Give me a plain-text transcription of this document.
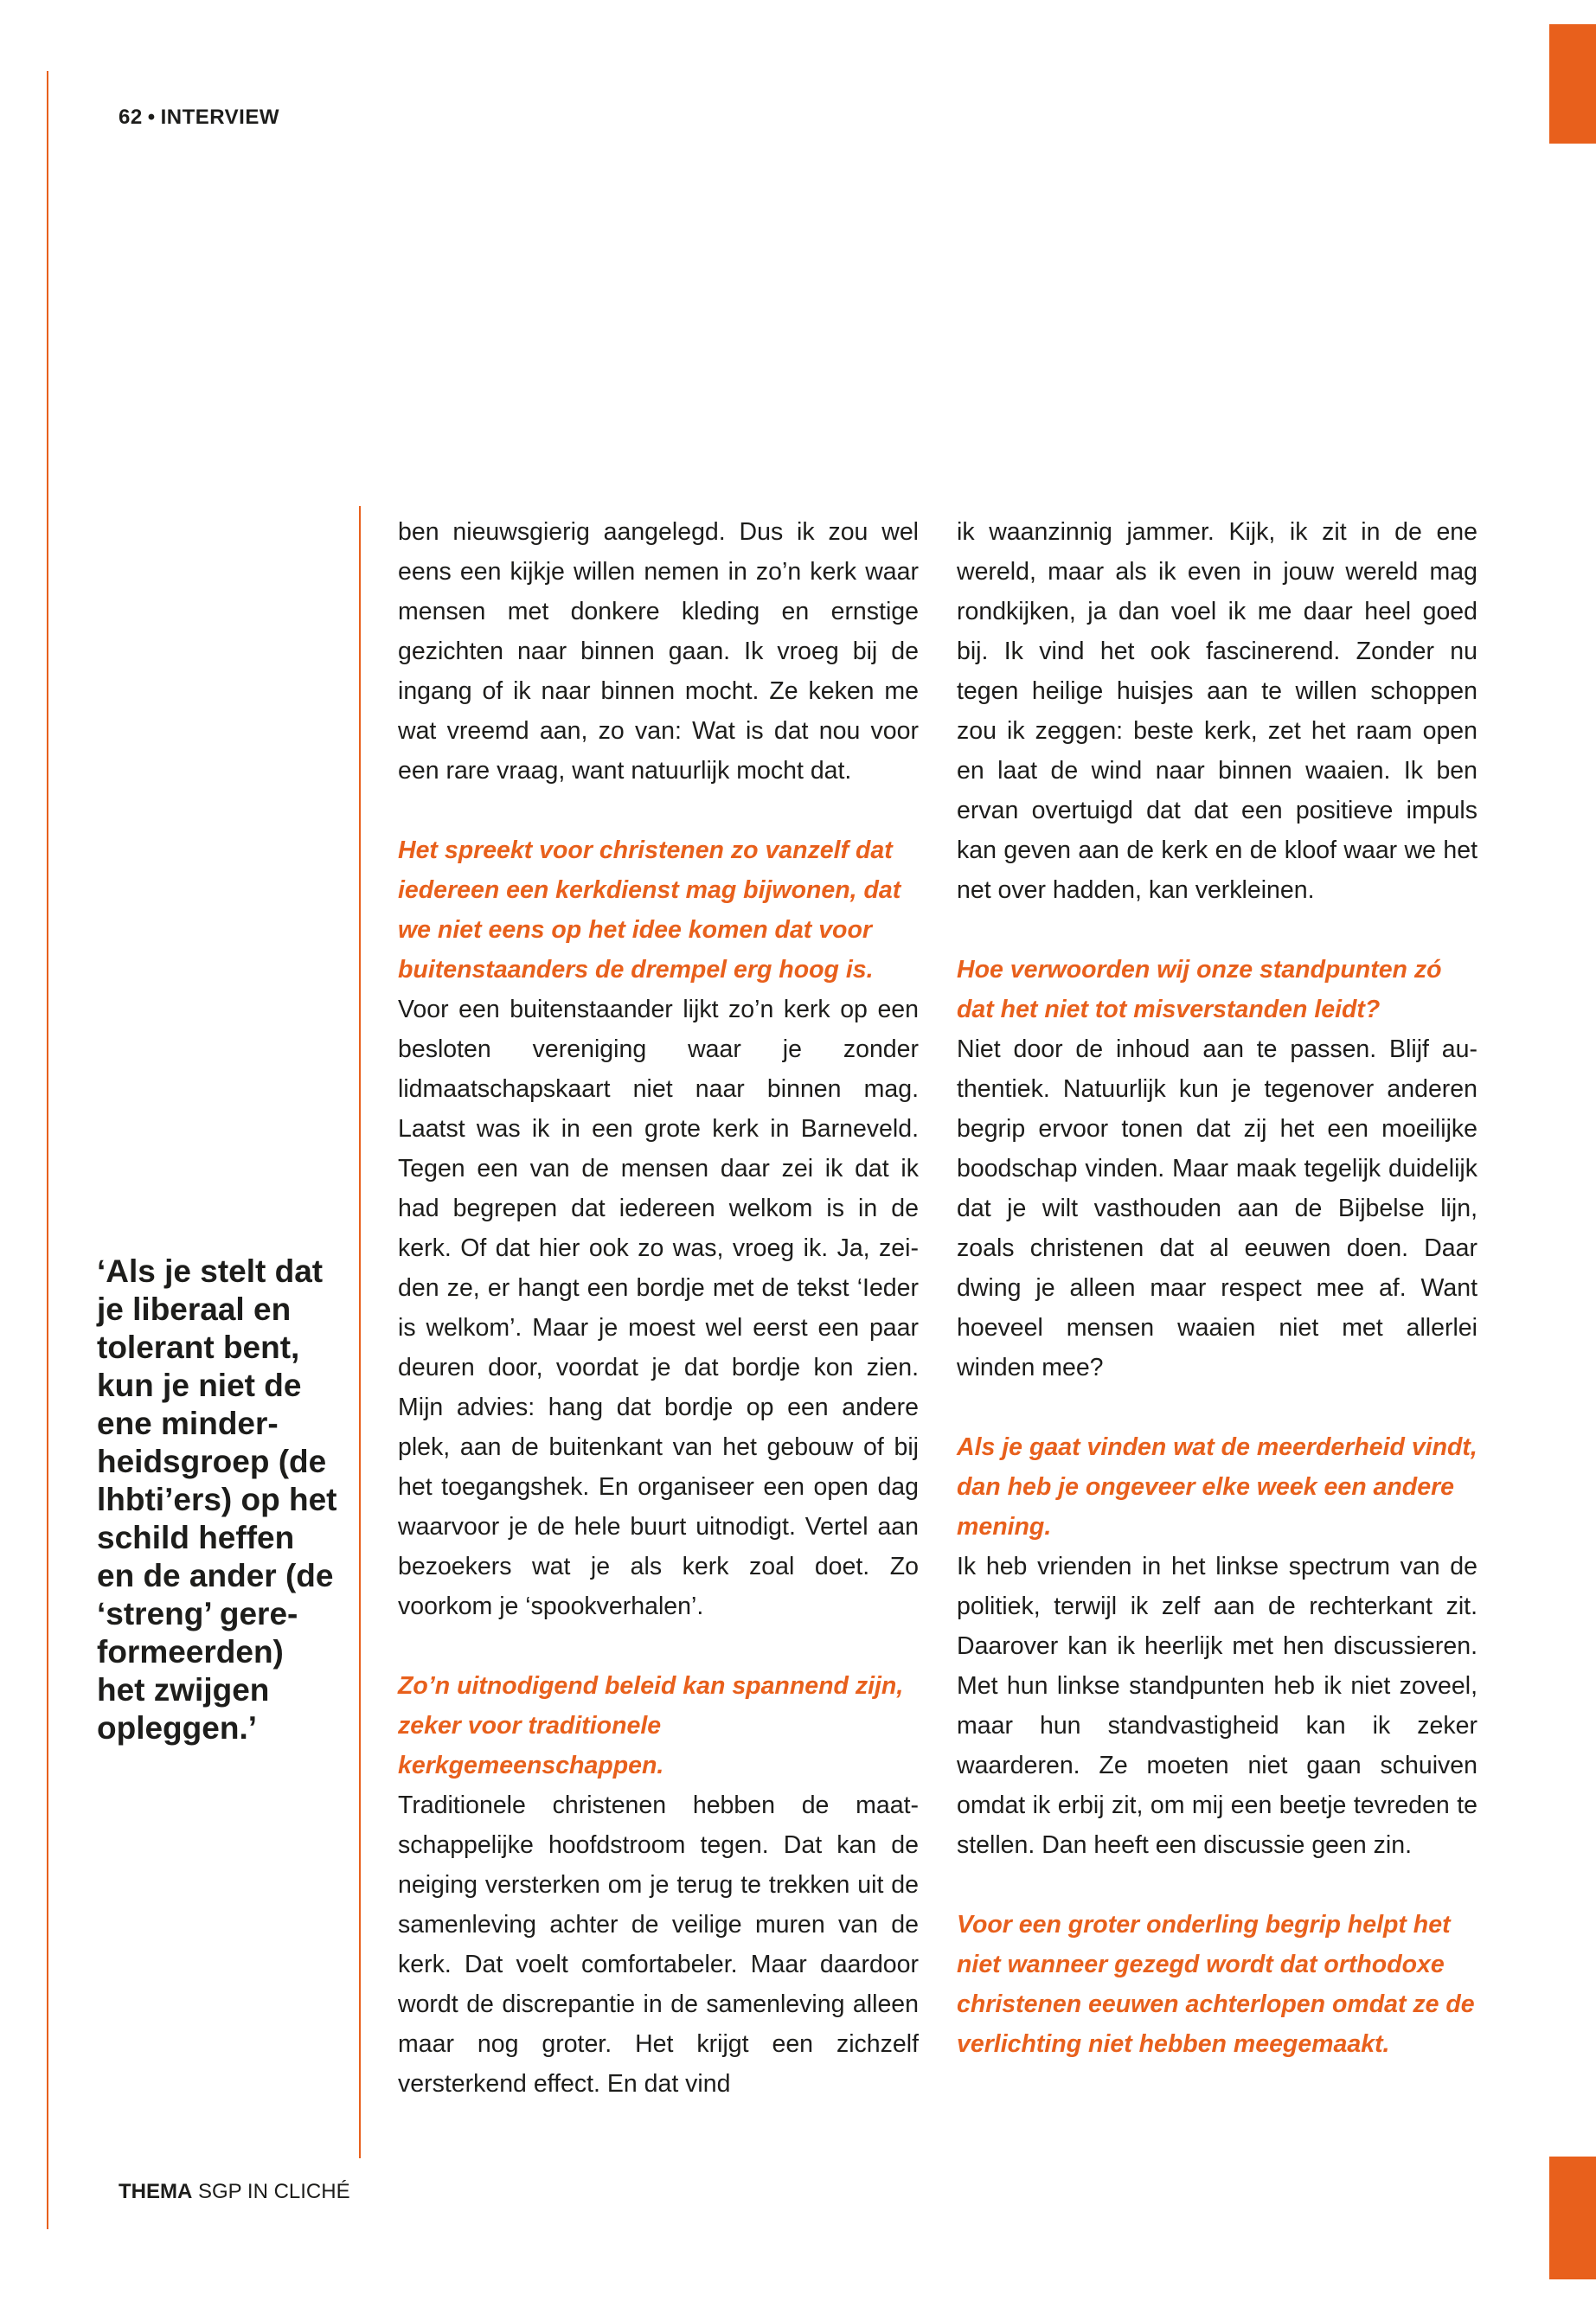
62 • INTERVIEW
‘Als je stelt dat
je liberaal en
tolerant bent,
kun je niet de
ene minder-
heidsgroep (de
lhbti’ers) op het
schild heffen
en de ander (de
‘streng’ gere-
formeerden)
het zwijgen
opleggen.’

ben nieuwsgierig aangelegd. Dus ik zou wel eens een kijkje willen nemen in zo’n kerk waar mensen met donkere kleding en ernstige gezichten naar binnen gaan. Ik vroeg bij de ingang of ik naar binnen mocht. Ze keken me wat vreemd aan, zo van: Wat is dat nou voor een rare vraag, want natuurlijk mocht dat.

Het spreekt voor christenen zo vanzelf dat iedereen een kerkdienst mag bijwonen, dat we niet eens op het idee komen dat voor buitenstaanders de drempel erg hoog is.

Voor een buitenstaander lijkt zo’n kerk op een besloten vereniging waar je zonder lidmaatschapskaart niet naar binnen mag. Laatst was ik in een grote kerk in Barneveld. Tegen een van de mensen daar zei ik dat ik had begrepen dat iedereen welkom is in de kerk. Of dat hier ook zo was, vroeg ik. Ja, zeiden ze, er hangt een bordje met de tekst ‘Ieder is welkom’. Maar je moest wel eerst een paar deuren door, voordat je dat bordje kon zien. Mijn advies: hang dat bordje op een andere plek, aan de buitenkant van het gebouw of bij het toegangshek. En organiseer een open dag waarvoor je de hele buurt uitnodigt. Vertel aan bezoekers wat je als kerk zoal doet. Zo voorkom je ‘spookverhalen’.

Zo’n uitnodigend beleid kan spannend zijn, zeker voor traditionele kerkgemeenschappen.

Traditionele christenen hebben de maatschappelijke hoofdstroom tegen. Dat kan de neiging versterken om je terug te trekken uit de samenleving achter de veilige muren van de kerk. Dat voelt comfortabeler. Maar daardoor wordt de discrepantie in de samenleving alleen maar nog groter. Het krijgt een zichzelf versterkend effect. En dat vind

ik waanzinnig jammer. Kijk, ik zit in de ene wereld, maar als ik even in jouw wereld mag rondkijken, ja dan voel ik me daar heel goed bij. Ik vind het ook fascinerend. Zonder nu tegen heilige huisjes aan te willen schoppen zou ik zeggen: beste kerk, zet het raam open en laat de wind naar binnen waaien. Ik ben ervan overtuigd dat dat een positieve impuls kan geven aan de kerk en de kloof waar we het net over hadden, kan verkleinen.

Hoe verwoorden wij onze standpunten zó dat het niet tot misverstanden leidt?

Niet door de inhoud aan te passen. Blijf authentiek. Natuurlijk kun je tegenover anderen begrip ervoor tonen dat zij het een moeilijke boodschap vinden. Maar maak tegelijk duidelijk dat je wilt vasthouden aan de Bijbelse lijn, zoals christenen dat al eeuwen doen. Daar dwing je alleen maar respect mee af. Want hoeveel mensen waaien niet met allerlei winden mee?

Als je gaat vinden wat de meerderheid vindt, dan heb je ongeveer elke week een andere mening.

Ik heb vrienden in het linkse spectrum van de politiek, terwijl ik zelf aan de rechterkant zit. Daarover kan ik heerlijk met hen discussieren. Met hun linkse standpunten heb ik niet zoveel, maar hun standvastigheid kan ik zeker waarderen. Ze moeten niet gaan schuiven omdat ik erbij zit, om mij een beetje tevreden te stellen. Dan heeft een discussie geen zin.

Voor een groter onderling begrip helpt het niet wanneer gezegd wordt dat orthodoxe christenen eeuwen achterlopen omdat ze de verlichting niet hebben meegemaakt.

THEMA SGP IN CLICHÉ
